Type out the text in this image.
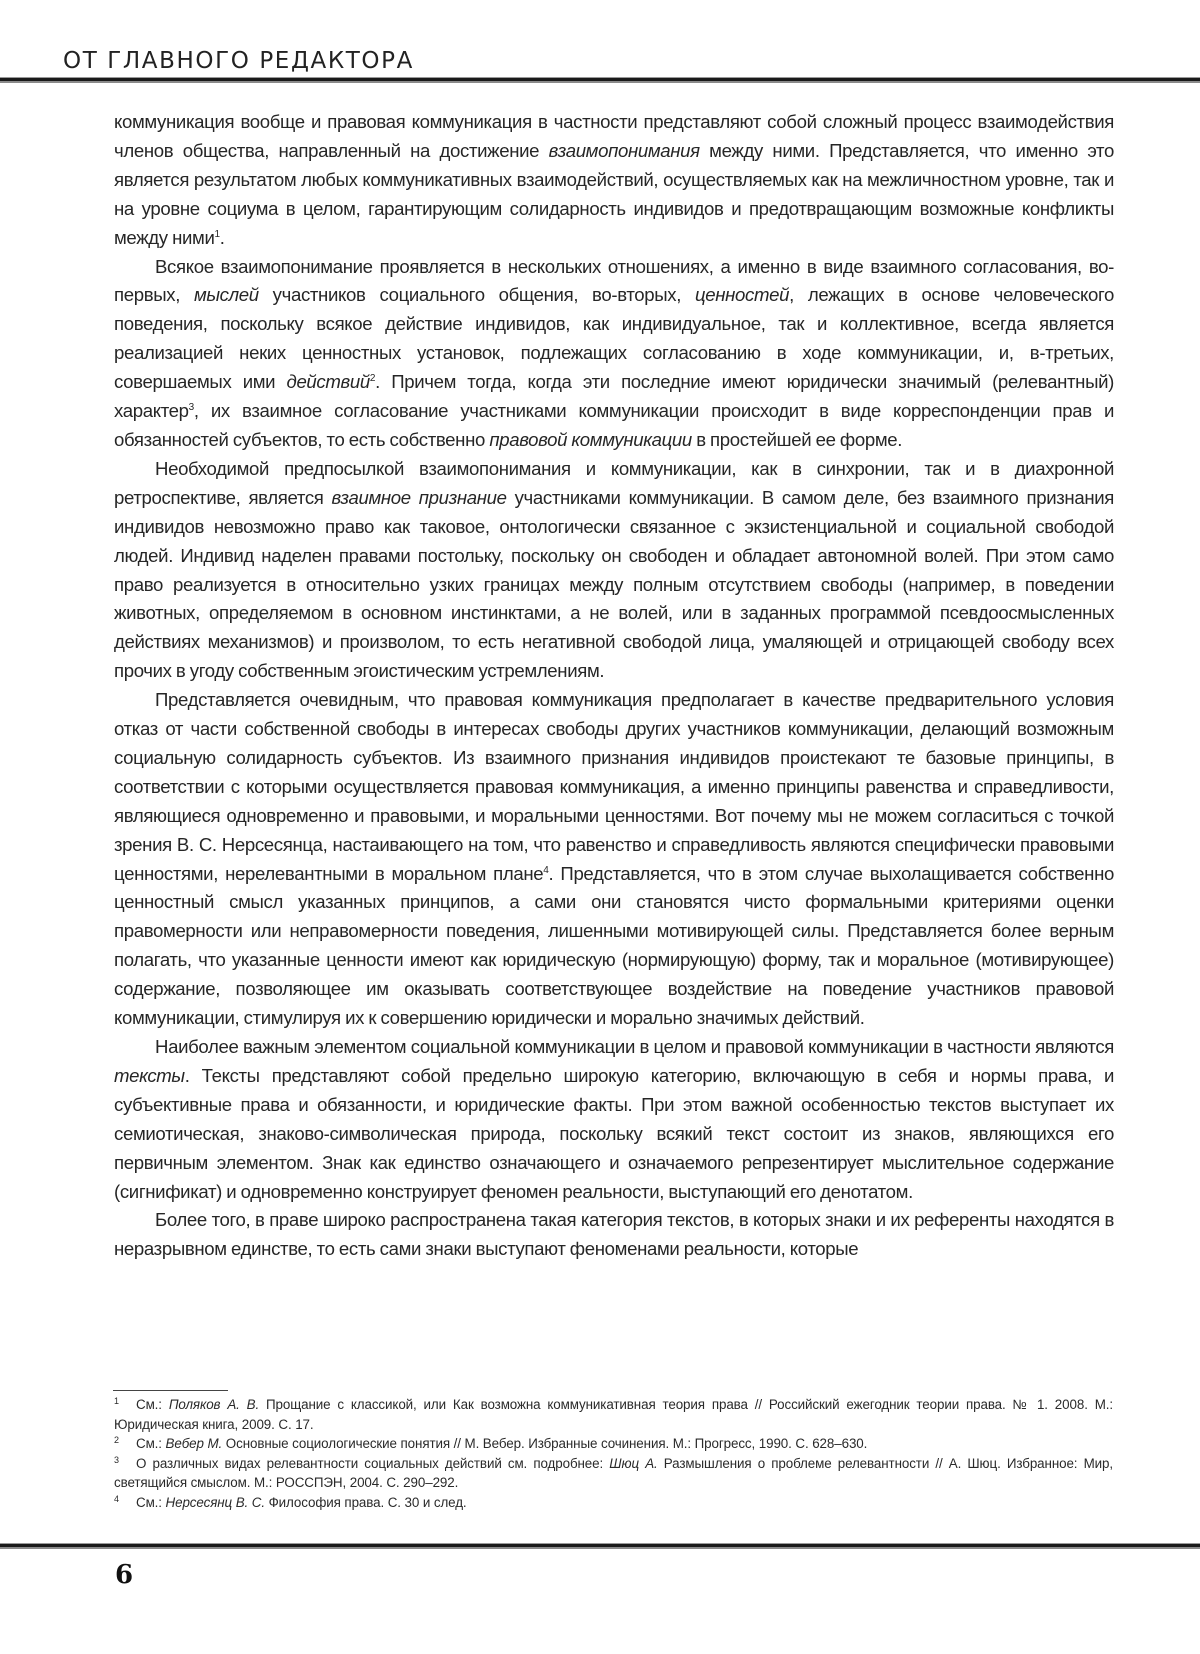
ОТ ГЛАВНОГО РЕДАКТОРА

коммуникация вообще и правовая коммуникация в частности представляют собой сложный процесс взаимодействия членов общества, направленный на достижение взаимопонимания между ними. Представляется, что именно это является результатом любых коммуникативных взаимодействий, осуществляемых как на межличностном уровне, так и на уровне социума в целом, гарантирующим солидарность индивидов и предотвращающим возможные конфликты между ними$^1$.

Всякое взаимопонимание проявляется в нескольких отношениях, а именно в виде взаимного согласования, во-первых, мыслей участников социального общения, во-вторых, ценностей, лежащих в основе человеческого поведения, поскольку всякое действие индивидов, как индивидуальное, так и коллективное, всегда является реализацией неких ценностных установок, подлежащих согласованию в ходе коммуникации, и, в-третьих, совершаемых ими действий$^2$. Причем тогда, когда эти последние имеют юридически значимый (релевантный) характер$^3$, их взаимное согласование участниками коммуникации происходит в виде корреспонденции прав и обязанностей субъектов, то есть собственно правовой коммуникации в простейшей ее форме.

Необходимой предпосылкой взаимопонимания и коммуникации, как в синхронии, так и в диахронной ретроспективе, является взаимное признание участниками коммуникации. В самом деле, без взаимного признания индивидов невозможно право как таковое, онтологически связанное с экзистенциальной и социальной свободой людей. Индивид наделен правами постольку, поскольку он свободен и обладает автономной волей. При этом само право реализуется в относительно узких границах между полным отсутствием свободы (например, в поведении животных, определяемом в основном инстинктами, а не волей, или в заданных программой псевдоосмысленных действиях механизмов) и произволом, то есть негативной свободой лица, умаляющей и отрицающей свободу всех прочих в угоду собственным эгоистическим устремлениям.

Представляется очевидным, что правовая коммуникация предполагает в качестве предварительного условия отказ от части собственной свободы в интересах свободы других участников коммуникации, делающий возможным социальную солидарность субъектов. Из взаимного признания индивидов проистекают те базовые принципы, в соответствии с которыми осуществляется правовая коммуникация, а именно принципы равенства и справедливости, являющиеся одновременно и правовыми, и моральными ценностями. Вот почему мы не можем согласиться с точкой зрения В. С. Нерсесянца, настаивающего на том, что равенство и справедливость являются специфически правовыми ценностями, нерелевантными в моральном плане$^4$. Представляется, что в этом случае выхолащивается собственно ценностный смысл указанных принципов, а сами они становятся чисто формальными критериями оценки правомерности или неправомерности поведения, лишенными мотивирующей силы. Представляется более верным полагать, что указанные ценности имеют как юридическую (нормирующую) форму, так и моральное (мотивирующее) содержание, позволяющее им оказывать соответствующее воздействие на поведение участников правовой коммуникации, стимулируя их к совершению юридически и морально значимых действий.

Наиболее важным элементом социальной коммуникации в целом и правовой коммуникации в частности являются тексты. Тексты представляют собой предельно широкую категорию, включающую в себя и нормы права, и субъективные права и обязанности, и юридические факты. При этом важной особенностью текстов выступает их семиотическая, знаково-символическая природа, поскольку всякий текст состоит из знаков, являющихся его первичным элементом. Знак как единство означающего и означаемого репрезентирует мыслительное содержание (сигнификат) и одновременно конструирует феномен реальности, выступающий его денотатом.

Более того, в праве широко распространена такая категория текстов, в которых знаки и их референты находятся в неразрывном единстве, то есть сами знаки выступают феноменами реальности, которые

1 См.: Поляков А. В. Прощание с классикой, или Как возможна коммуникативная теория права // Российский ежегодник теории права. № 1. 2008. М.: Юридическая книга, 2009. С. 17.

2 См.: Вебер М. Основные социологические понятия // М. Вебер. Избранные сочинения. М.: Прогресс, 1990. С. 628–630.

3 О различных видах релевантности социальных действий см. подробнее: Шюц А. Размышления о проблеме релевантности // А. Шюц. Избранное: Мир, светящийся смыслом. М.: РОССПЭН, 2004. С. 290–292.

4 См.: Нерсесянц В. С. Философия права. С. 30 и след.

6
